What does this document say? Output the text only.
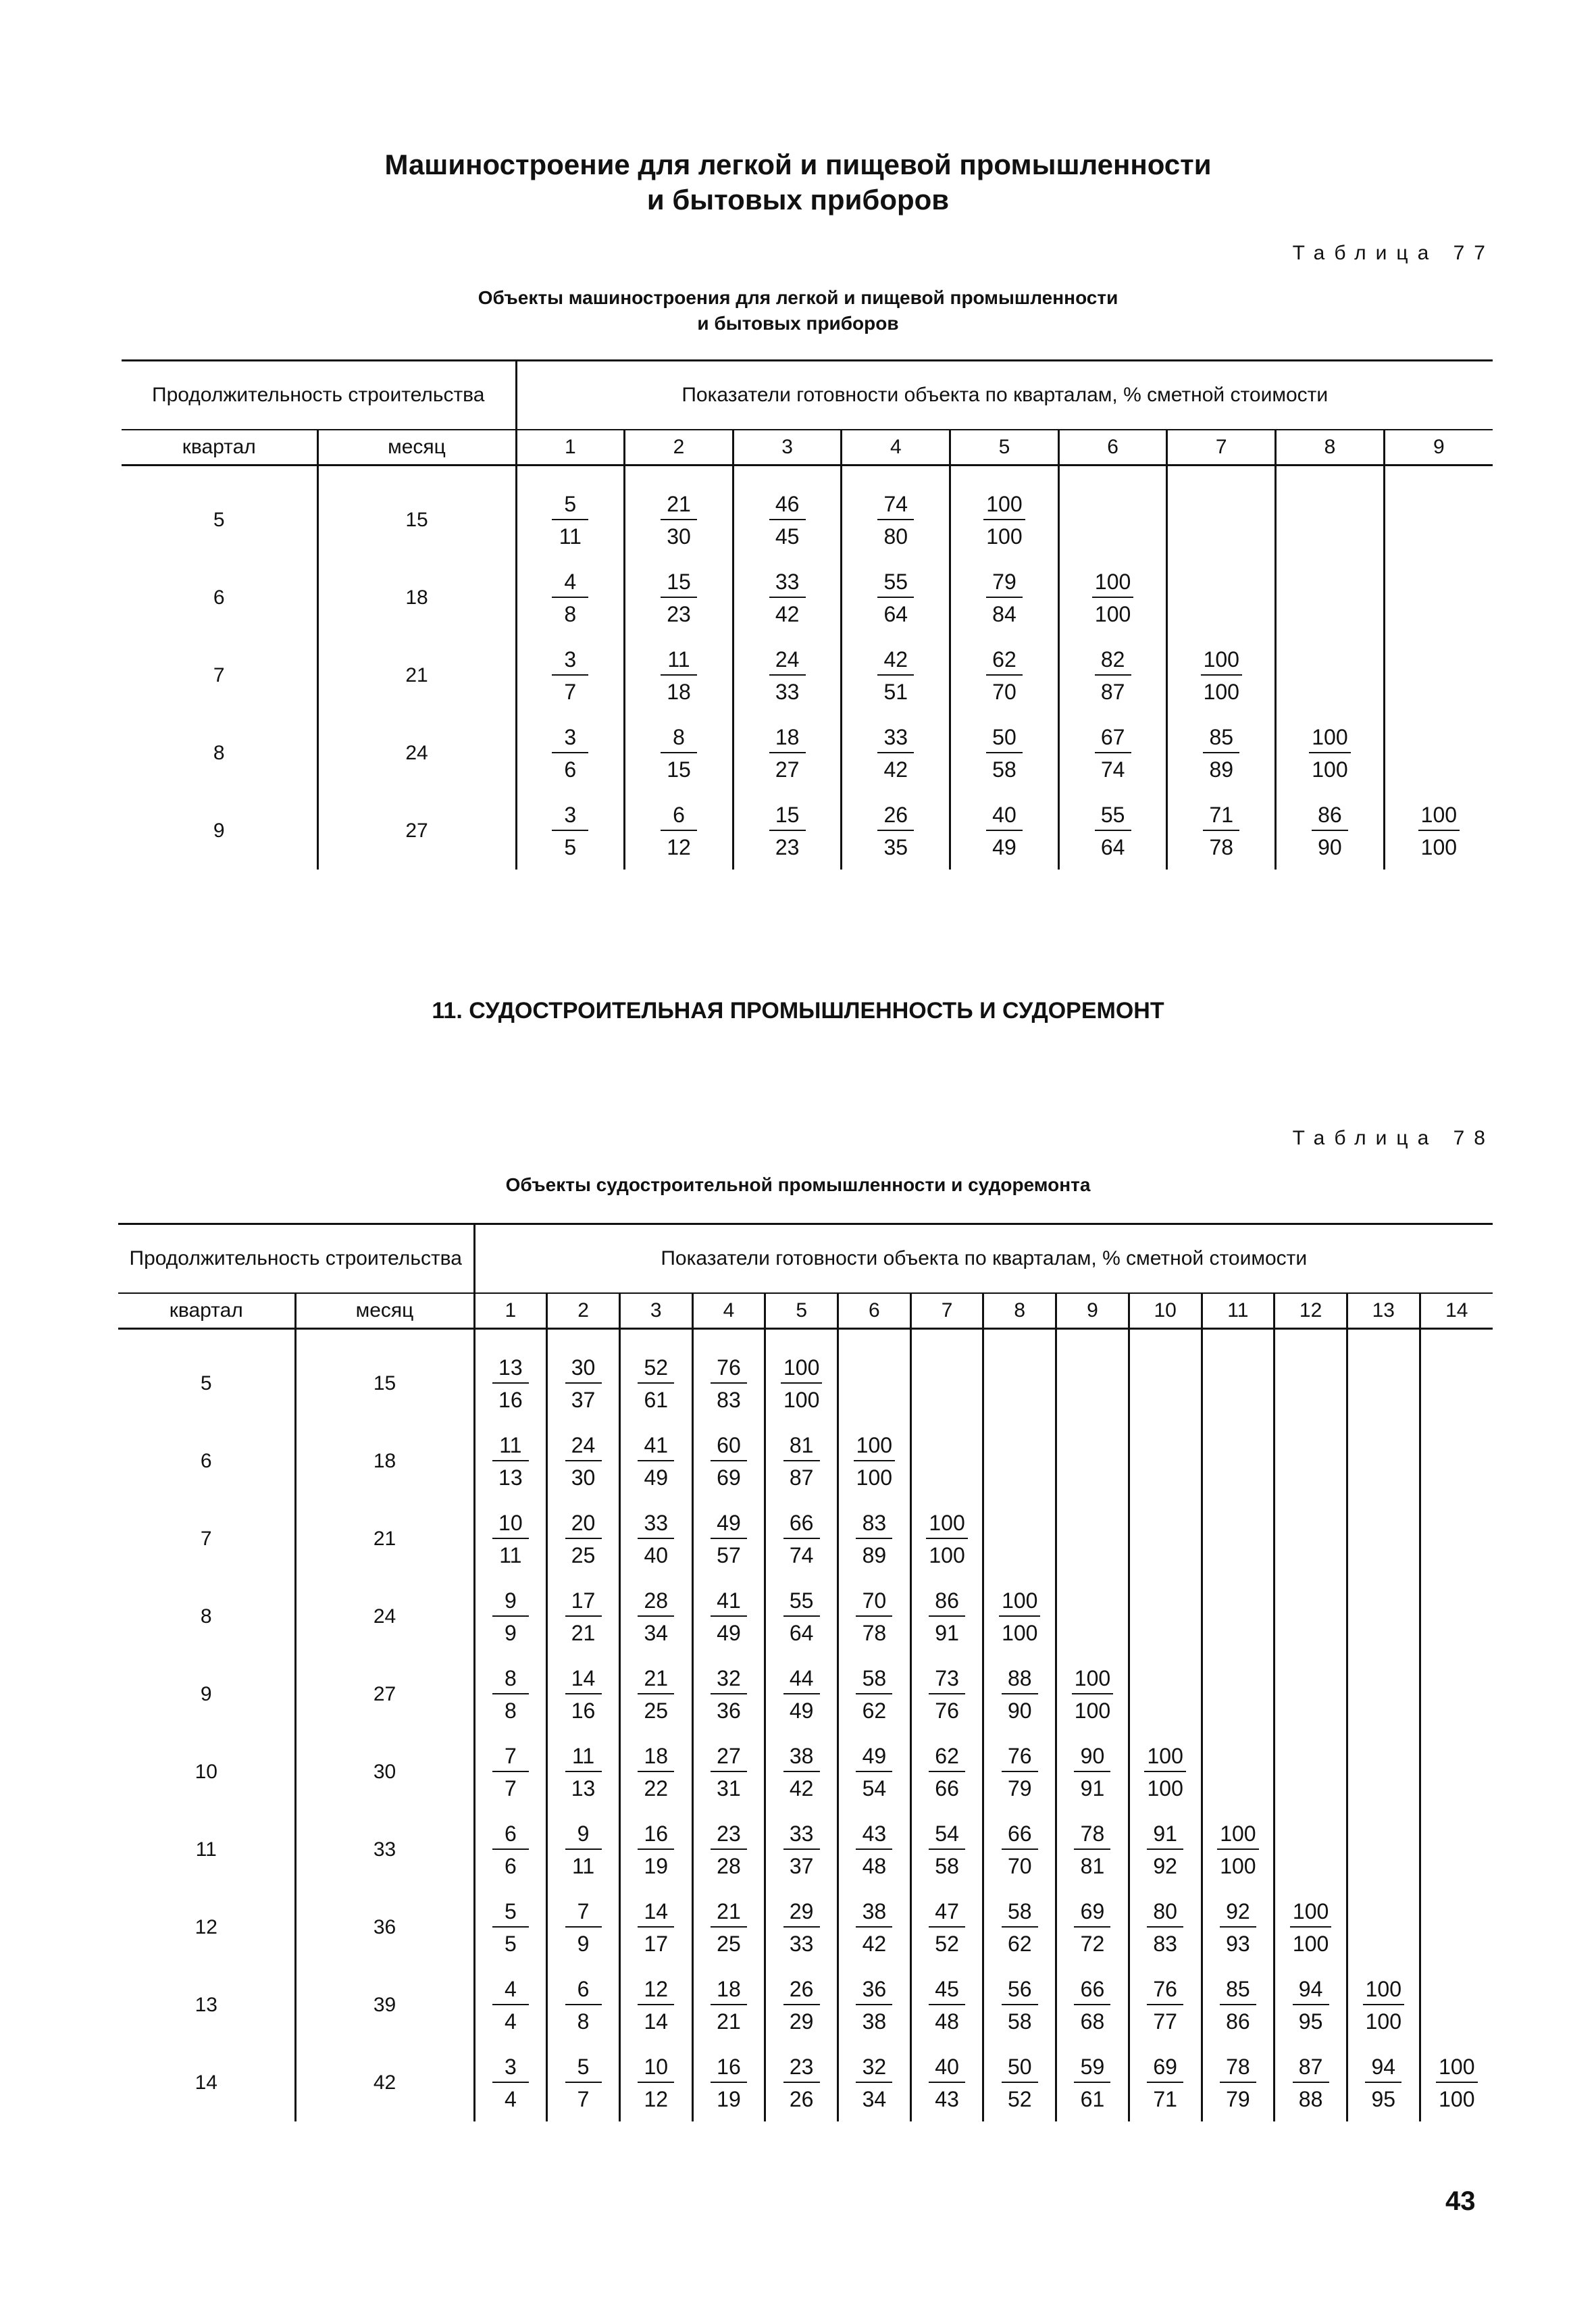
Машиностроение для легкой и пищевой промышленности
и бытовых приборов
Таблица 77
Объекты машиностроения для легкой и пищевой промышленности
и бытовых приборов
Продолжительность строительства		Показатели готовности объекта по кварталам, % сметной стоимости								
квартал	месяц	1	2	3	4	5	6	7	8	9
5	15	$\frac{5}{11}$	$\frac{21}{30}$	$\frac{46}{45}$	$\frac{74}{80}$	$\frac{100}{100}$

6	18	$\frac{4}{8}$	$\frac{15}{23}$	$\frac{33}{42}$	$\frac{55}{64}$	$\frac{79}{84}$	$\frac{100}{100}$

7	21	$\frac{3}{7}$	$\frac{11}{18}$	$\frac{24}{33}$	$\frac{42}{51}$	$\frac{62}{70}$	$\frac{82}{87}$	$\frac{100}{100}$

8	24	$\frac{3}{6}$	$\frac{8}{15}$	$\frac{18}{27}$	$\frac{33}{42}$	$\frac{50}{58}$	$\frac{67}{74}$	$\frac{85}{89}$	$\frac{100}{100}$

9	27	$\frac{3}{5}$	$\frac{6}{12}$	$\frac{15}{23}$	$\frac{26}{35}$	$\frac{40}{49}$	$\frac{55}{64}$	$\frac{71}{78}$	$\frac{86}{90}$	$\frac{100}{100}$
11. СУДОСТРОИТЕЛЬНАЯ ПРОМЫШЛЕННОСТЬ И СУДОРЕМОНТ
Таблица 78
Объекты судостроительной промышленности и судоремонта
Продолжительность строительства		Показатели готовности объекта по кварталам, % сметной стоимости													
квартал	месяц	1	2	3	4	5	6	7	8	9	10	11	12	13	14
5	15	$\frac{13}{16}$	$\frac{30}{37}$	$\frac{52}{61}$	$\frac{76}{83}$	$\frac{100}{100}$

6	18	$\frac{11}{13}$	$\frac{24}{30}$	$\frac{41}{49}$	$\frac{60}{69}$	$\frac{81}{87}$	$\frac{100}{100}$

7	21	$\frac{10}{11}$	$\frac{20}{25}$	$\frac{33}{40}$	$\frac{49}{57}$	$\frac{66}{74}$	$\frac{83}{89}$	$\frac{100}{100}$

8	24	$\frac{9}{9}$	$\frac{17}{21}$	$\frac{28}{34}$	$\frac{41}{49}$	$\frac{55}{64}$	$\frac{70}{78}$	$\frac{86}{91}$	$\frac{100}{100}$

9	27	$\frac{8}{8}$	$\frac{14}{16}$	$\frac{21}{25}$	$\frac{32}{36}$	$\frac{44}{49}$	$\frac{58}{62}$	$\frac{73}{76}$	$\frac{88}{90}$	$\frac{100}{100}$

10	30	$\frac{7}{7}$	$\frac{11}{13}$	$\frac{18}{22}$	$\frac{27}{31}$	$\frac{38}{42}$	$\frac{49}{54}$	$\frac{62}{66}$	$\frac{76}{79}$	$\frac{90}{91}$	$\frac{100}{100}$

11	33	$\frac{6}{6}$	$\frac{9}{11}$	$\frac{16}{19}$	$\frac{23}{28}$	$\frac{33}{37}$	$\frac{43}{48}$	$\frac{54}{58}$	$\frac{66}{70}$	$\frac{78}{81}$	$\frac{91}{92}$	$\frac{100}{100}$

12	36	$\frac{5}{5}$	$\frac{7}{9}$	$\frac{14}{17}$	$\frac{21}{25}$	$\frac{29}{33}$	$\frac{38}{42}$	$\frac{47}{52}$	$\frac{58}{62}$	$\frac{69}{72}$	$\frac{80}{83}$	$\frac{92}{93}$	$\frac{100}{100}$

13	39	$\frac{4}{4}$	$\frac{6}{8}$	$\frac{12}{14}$	$\frac{18}{21}$	$\frac{26}{29}$	$\frac{36}{38}$	$\frac{45}{48}$	$\frac{56}{58}$	$\frac{66}{68}$	$\frac{76}{77}$	$\frac{85}{86}$	$\frac{94}{95}$	$\frac{100}{100}$

14	42	$\frac{3}{4}$	$\frac{5}{7}$	$\frac{10}{12}$	$\frac{16}{19}$	$\frac{23}{26}$	$\frac{32}{34}$	$\frac{40}{43}$	$\frac{50}{52}$	$\frac{59}{61}$	$\frac{69}{71}$	$\frac{78}{79}$	$\frac{87}{88}$	$\frac{94}{95}$	$\frac{100}{100}$
43
